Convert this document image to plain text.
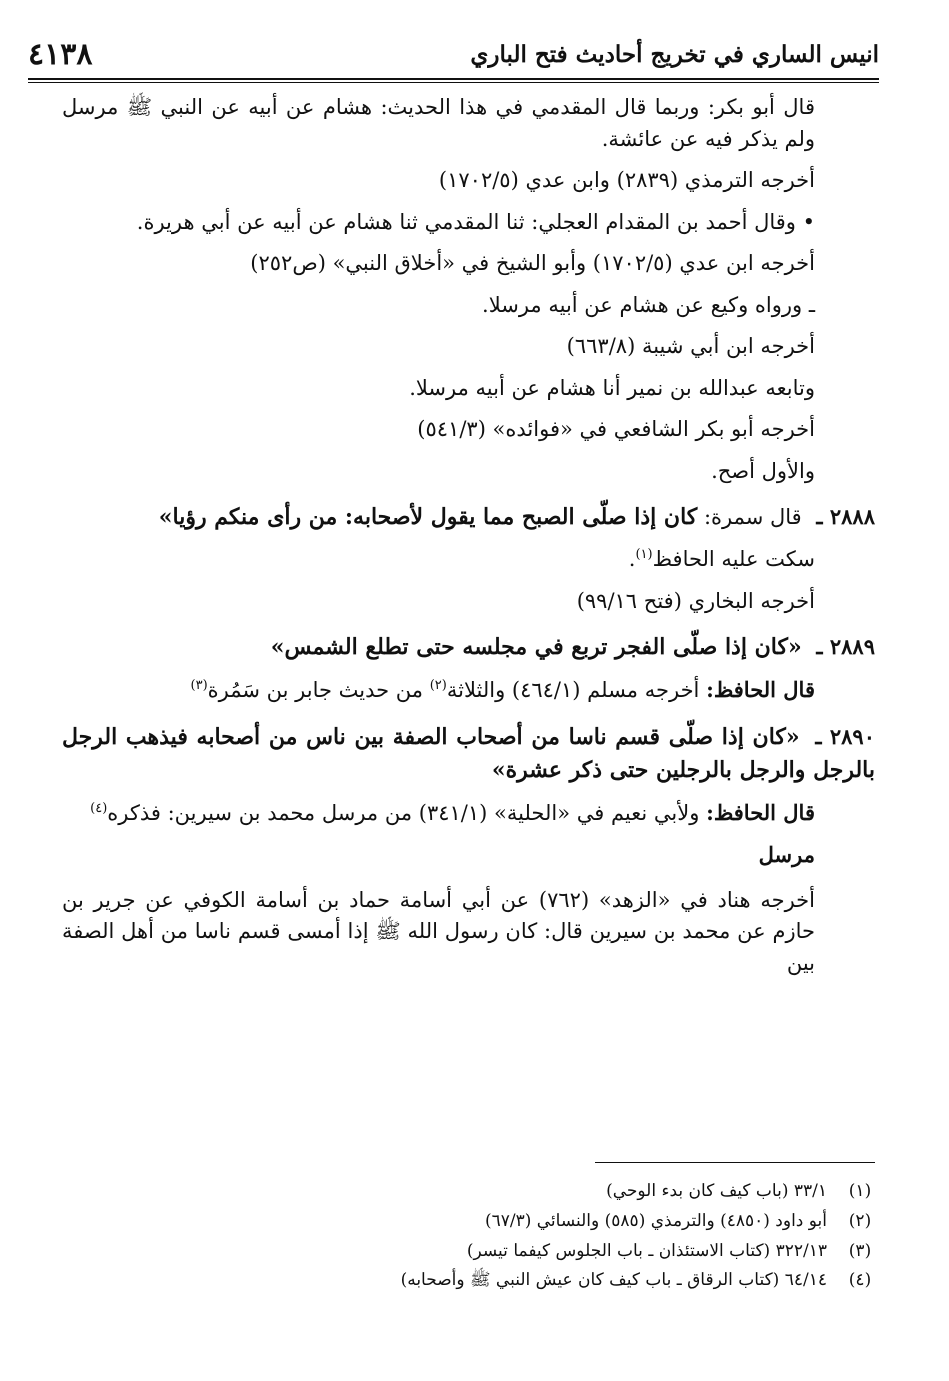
٤١٣٨	انيس الساري في تخريج أحاديث فتح الباري

قال أبو بكر: وربما قال المقدمي في هذا الحديث: هشام عن أبيه عن النبي ﷺ مرسل ولم يذكر فيه عن عائشة.

أخرجه الترمذي (٢٨٣٩) وابن عدي (١٧٠٢/٥)

• وقال أحمد بن المقدام العجلي: ثنا المقدمي ثنا هشام عن أبيه عن أبي هريرة.

أخرجه ابن عدي (١٧٠٢/٥) وأبو الشيخ في «أخلاق النبي» (ص٢٥٢)

ـ ورواه وكيع عن هشام عن أبيه مرسلا.

أخرجه ابن أبي شيبة (٦٦٣/٨)

وتابعه عبدالله بن نمير أنا هشام عن أبيه مرسلا.

أخرجه أبو بكر الشافعي في «فوائده» (٥٤١/٣)

والأول أصح.

٢٨٨٨ ـ قال سمرة: كان إذا صلّى الصبح مما يقول لأصحابه: من رأى منكم رؤيا»

سكت عليه الحافظ$^{(١)}$.

أخرجه البخاري (فتح ٩٩/١٦)

٢٨٨٩ ـ «كان إذا صلّى الفجر تربع في مجلسه حتى تطلع الشمس»

قال الحافظ: أخرجه مسلم (٤٦٤/١) والثلاثة$^{(٢)}$ من حديث جابر بن سَمُرة$^{(٣)}$

٢٨٩٠ ـ «كان إذا صلّى قسم ناسا من أصحاب الصفة بين ناس من أصحابه فيذهب الرجل بالرجل والرجل بالرجلين حتى ذكر عشرة»

قال الحافظ: ولأبي نعيم في «الحلية» (٣٤١/١) من مرسل محمد بن سيرين: فذكره$^{(٤)}$

مرسل

أخرجه هناد في «الزهد» (٧٦٢) عن أبي أسامة حماد بن أسامة الكوفي عن جرير بن حازم عن محمد بن سيرين قال: كان رسول الله ﷺ إذا أمسى قسم ناسا من أهل الصفة بين

(١)
٣٣/١ (باب كيف كان بدء الوحي)
(٢)
أبو داود (٤٨٥٠) والترمذي (٥٨٥) والنسائي (٦٧/٣)
(٣)
٣٢٢/١٣ (كتاب الاستئذان ـ باب الجلوس كيفما تيسر)
(٤)
٦٤/١٤ (كتاب الرقاق ـ باب كيف كان عيش النبي ﷺ وأصحابه)
